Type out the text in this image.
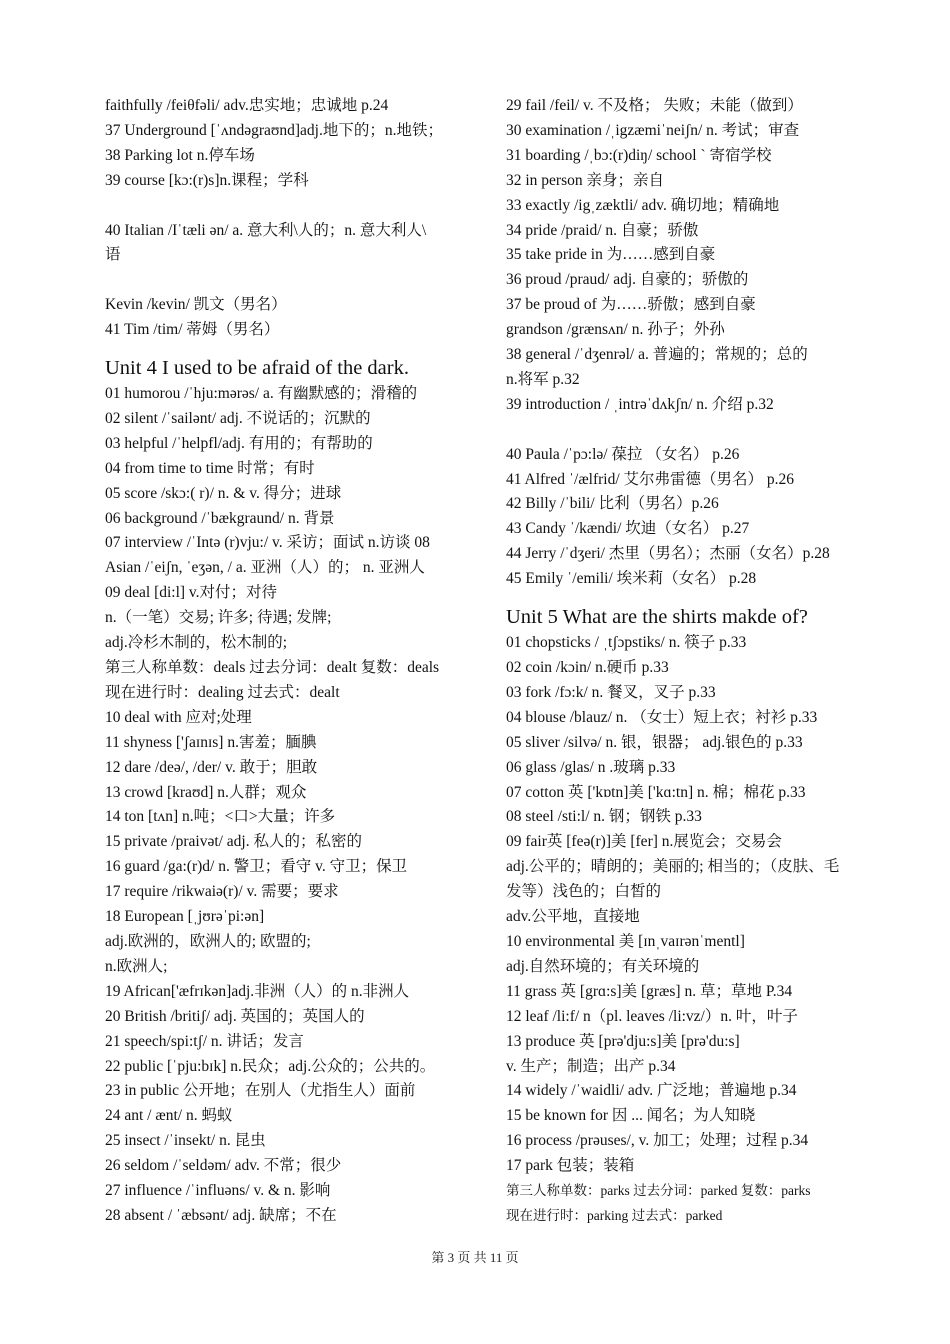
faithfully /feiθfəli/ adv.忠实地；忠诚地 p.24
37 Underground [ˈʌndəgraʊnd]adj.地下的；n.地铁；
38 Parking lot n.停车场
39 course [kɔ:(r)s]n.课程；学科
40 Italian /Iˈtæli ən/ a. 意大利\人的；n. 意大利人\
语
Kevin /kevin/ 凯文（男名）
41 Tim /tim/ 蒂姆（男名）
Unit 4 I used to be afraid of the dark.
01 humorou /ˈhju:mərəs/ a. 有幽默感的；滑稽的
02 silent /ˈsailənt/ adj. 不说话的；沉默的
03 helpful /ˈhelpfl/adj. 有用的；有帮助的
04 from time to time 时常；有时
05 score /skɔ:( r)/ n. & v. 得分；进球
06 background /ˈbækgraund/ n. 背景
07 interview /ˈIntə (r)vju:/ v. 采访；面试 n.访谈 08
Asian /ˈeiʃn, ˈeʒən, / a. 亚洲（人）的； n. 亚洲人
09 deal [di:l] v.对付；对待
n.（一笔）交易; 许多; 待遇; 发牌;
adj.冷杉木制的，松木制的;
第三人称单数：deals 过去分词：dealt 复数：deals
现在进行时：dealing 过去式：dealt
10 deal with 应对;处理
11 shyness ['ʃaɪnɪs] n.害羞；腼腆
12 dare /deə/, /der/ v. 敢于；胆敢
13 crowd [kraʊd] n.人群；观众
14 ton [tʌn] n.吨；<口>大量；许多
15 private /praivət/ adj. 私人的；私密的
16 guard /ga:(r)d/ n. 警卫；看守 v. 守卫；保卫
17 require /rikwaiə(r)/ v. 需要；要求
18 European [ˌjʊrəˈpi:ən]
adj.欧洲的，欧洲人的; 欧盟的;
n.欧洲人;
19 African['æfrɪkən]adj.非洲（人）的 n.非洲人
20 British /britiʃ/ adj. 英国的；英国人的
21 speech/spi:tʃ/ n. 讲话；发言
22 public [ˈpju:bɪk] n.民众；adj.公众的；公共的。
23 in public 公开地；在别人（尤指生人）面前
24 ant / ænt/ n. 蚂蚁
25 insect /ˈinsekt/ n. 昆虫
26 seldom /ˈseldəm/ adv. 不常；很少
27 influence /ˈinfluəns/ v. & n. 影响
28 absent / ˈæbsənt/ adj. 缺席；不在
29 fail /feil/ v. 不及格； 失败；未能（做到）
30 examination /ˌigzæmiˈneiʃn/ n. 考试；审查
31 boarding /ˌbɔ:(r)diŋ/ school ` 寄宿学校
32 in person 亲身；亲自
33 exactly /igˌzæktli/ adv. 确切地；精确地
34 pride /praid/ n. 自豪；骄傲
35 take pride in 为……感到自豪
36 proud /praud/ adj. 自豪的；骄傲的
37 be proud of 为……骄傲；感到自豪
grandson /grænsʌn/ n. 孙子；外孙
38 general /ˈdʒenrəl/ a. 普遍的；常规的；总的
n.将军 p.32
39 introduction / ˌintrəˈdʌkʃn/ n. 介绍 p.32
40 Paula /ˈpɔ:lə/ 葆拉 （女名） p.26
41 Alfred ˈ/ælfrid/ 艾尔弗雷德（男名） p.26
42 Billy /ˈbili/ 比利（男名）p.26
43 Candy ˈ/kændi/ 坎迪（女名） p.27
44 Jerry /ˈdʒeri/ 杰里（男名）；杰丽（女名）p.28
45 Emily ˈ/emili/ 埃米莉（女名） p.28
Unit 5 What are the shirts makde of?
01 chopsticks / ˌtʃɔpstiks/ n. 筷子 p.33
02 coin /kɔin/ n.硬币 p.33
03 fork /fɔ:k/ n. 餐叉，叉子 p.33
04 blouse /blauz/ n. （女士）短上衣；衬衫 p.33
05 sliver /silvə/ n. 银，银器； adj.银色的 p.33
06 glass /glas/ n .玻璃 p.33
07 cotton 英 ['kɒtn]美 ['kɑ:tn] n. 棉；棉花 p.33
08 steel /sti:l/ n. 钢；钢铁 p.33
09 fair英 [feə(r)]美 [fer] n.展览会；交易会
adj.公平的；晴朗的；美丽的; 相当的；（皮肤、毛
发等）浅色的；白皙的
adv.公平地，直接地
10 environmental 美 [ɪnˌvaɪrənˈmentl]
adj.自然环境的；有关环境的
11 grass 英 [grɑ:s]美 [græs] n. 草；草地 P.34
12 leaf /li:f/ n（pl. leaves /li:vz/）n. 叶，叶子
13 produce 英 [prə'dju:s]美 [prə'du:s]
v. 生产；制造；出产 p.34
14 widely /ˈwaidli/ adv. 广泛地；普遍地 p.34
15 be known for 因 ... 闻名；为人知晓
16 process /prəuses/, v. 加工；处理；过程 p.34
17 park 包装；装箱
第三人称单数：parks 过去分词：parked 复数：parks
现在进行时：parking 过去式：parked
第 3 页 共 11 页
